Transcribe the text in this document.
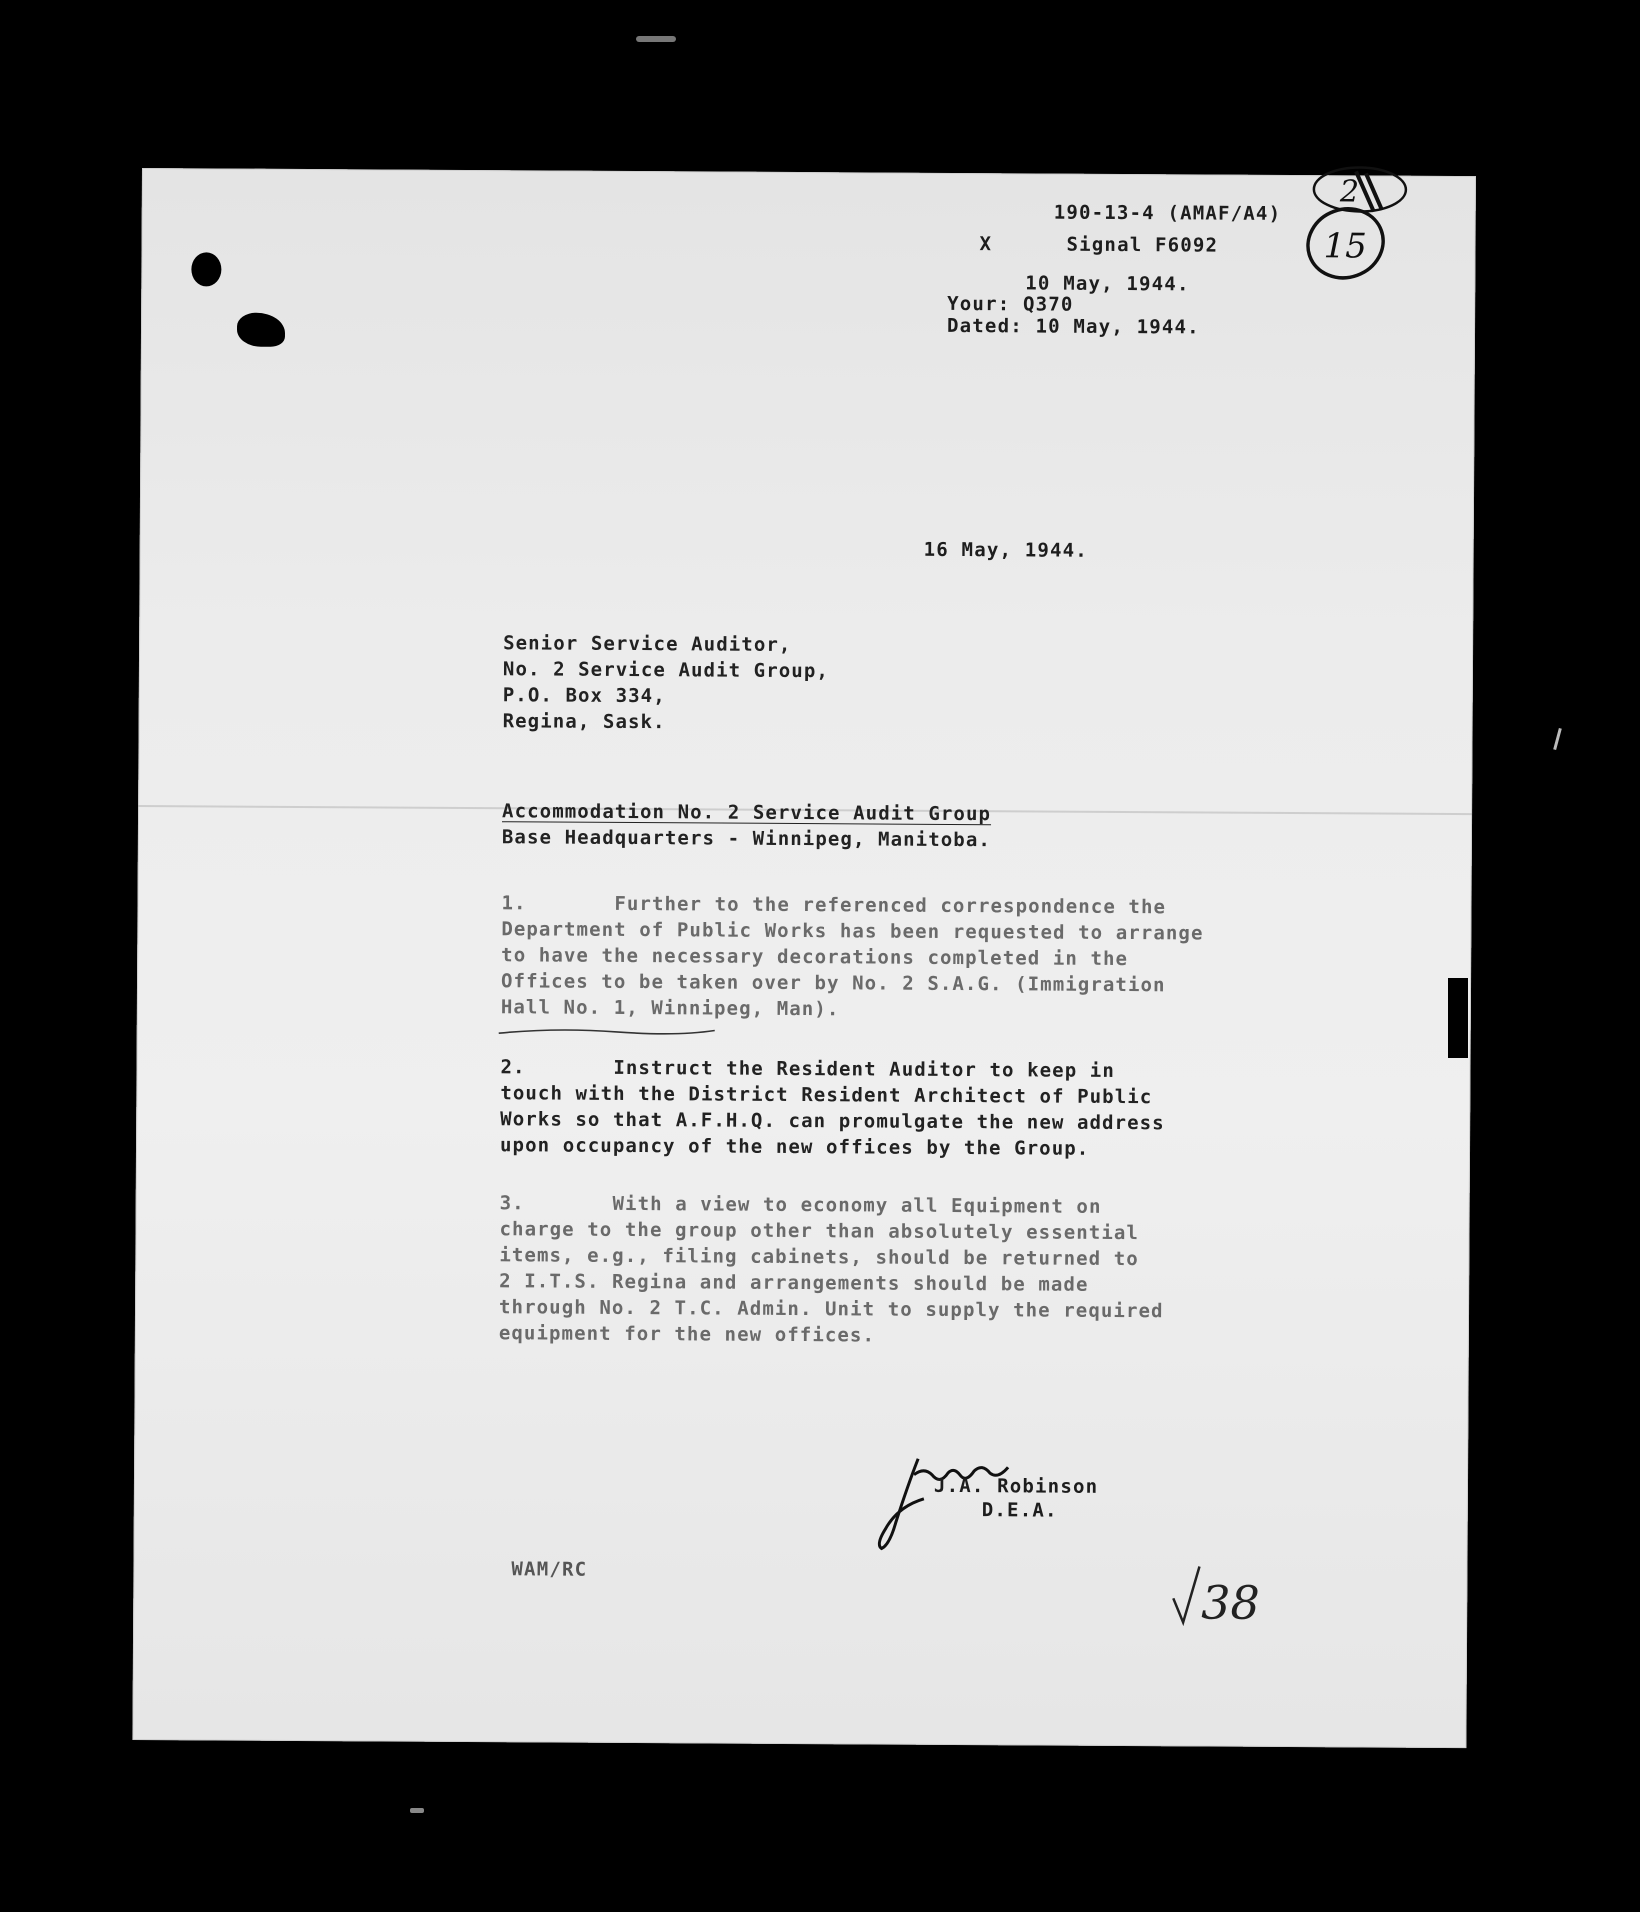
190-13-4 (AMAF/A4)
X	Signal F6092
10 May, 1944.
Your: Q370
Dated: 10 May, 1944.
2
15
16 May, 1944.
Senior Service Auditor,
No. 2 Service Audit Group,
P.O. Box 334,
Regina, Sask.
Accommodation No. 2 Service Audit Group
Base Headquarters - Winnipeg, Manitoba.
1.       Further to the referenced correspondence the
Department of Public Works has been requested to arrange
to have the necessary decorations completed in the
Offices to be taken over by No. 2 S.A.G. (Immigration
Hall No. 1, Winnipeg, Man).
2.       Instruct the Resident Auditor to keep in
touch with the District Resident Architect of Public
Works so that A.F.H.Q. can promulgate the new address
upon occupancy of the new offices by the Group.
3.       With a view to economy all Equipment on
charge to the group other than absolutely essential
items, e.g., filing cabinets, should be returned to
2 I.T.S. Regina and arrangements should be made
through No. 2 T.C. Admin. Unit to supply the required
equipment for the new offices.
J.A. Robinson
D.E.A.
WAM/RC
38
